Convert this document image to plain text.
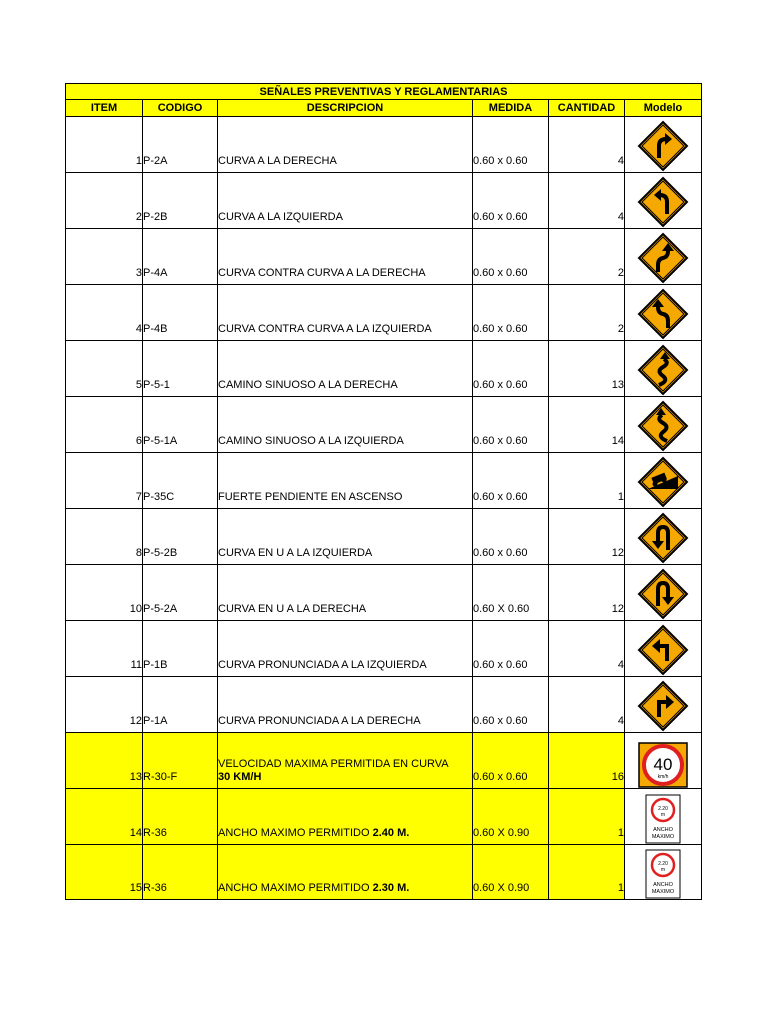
SEÑALES PREVENTIVAS Y REGLAMENTARIAS					
ITEM	CODIGO	DESCRIPCION	MEDIDA	CANTIDAD	Modelo

1	P-2A	CURVA A LA DERECHA	0.60 x 0.60	4

2	P-2B	CURVA A LA IZQUIERDA	0.60 x 0.60	4

3	P-4A	CURVA CONTRA CURVA A LA DERECHA	0.60 x 0.60	2

4	P-4B	CURVA CONTRA CURVA A LA IZQUIERDA	0.60 x 0.60	2

5	P-5-1	CAMINO SINUOSO A LA DERECHA	0.60 x 0.60	13

6	P-5-1A	CAMINO SINUOSO A LA IZQUIERDA	0.60 x 0.60	14

7	P-35C	FUERTE PENDIENTE EN ASCENSO	0.60 x 0.60	1

8	P-5-2B	CURVA EN U A LA IZQUIERDA	0.60 x 0.60	12

10	P-5-2A	CURVA EN U A LA DERECHA	0.60 X 0.60	12

11	P-1B	CURVA PRONUNCIADA A LA IZQUIERDA	0.60 x 0.60	4

12	P-1A	CURVA PRONUNCIADA A LA DERECHA	0.60 x 0.60	4

13	R-30-F	VELOCIDAD MAXIMA PERMITIDA EN CURVA
30 KM/H	0.60 x 0.60	16	40
km/h

14	R-36	ANCHO MAXIMO PERMITIDO 2.40 M.	0.60 X 0.90	1	2.20
m
ANCHO
MAXIMO

15	R-36	ANCHO MAXIMO PERMITIDO 2.30 M.	0.60 X 0.90	1	2.20
m
ANCHO
MAXIMO
